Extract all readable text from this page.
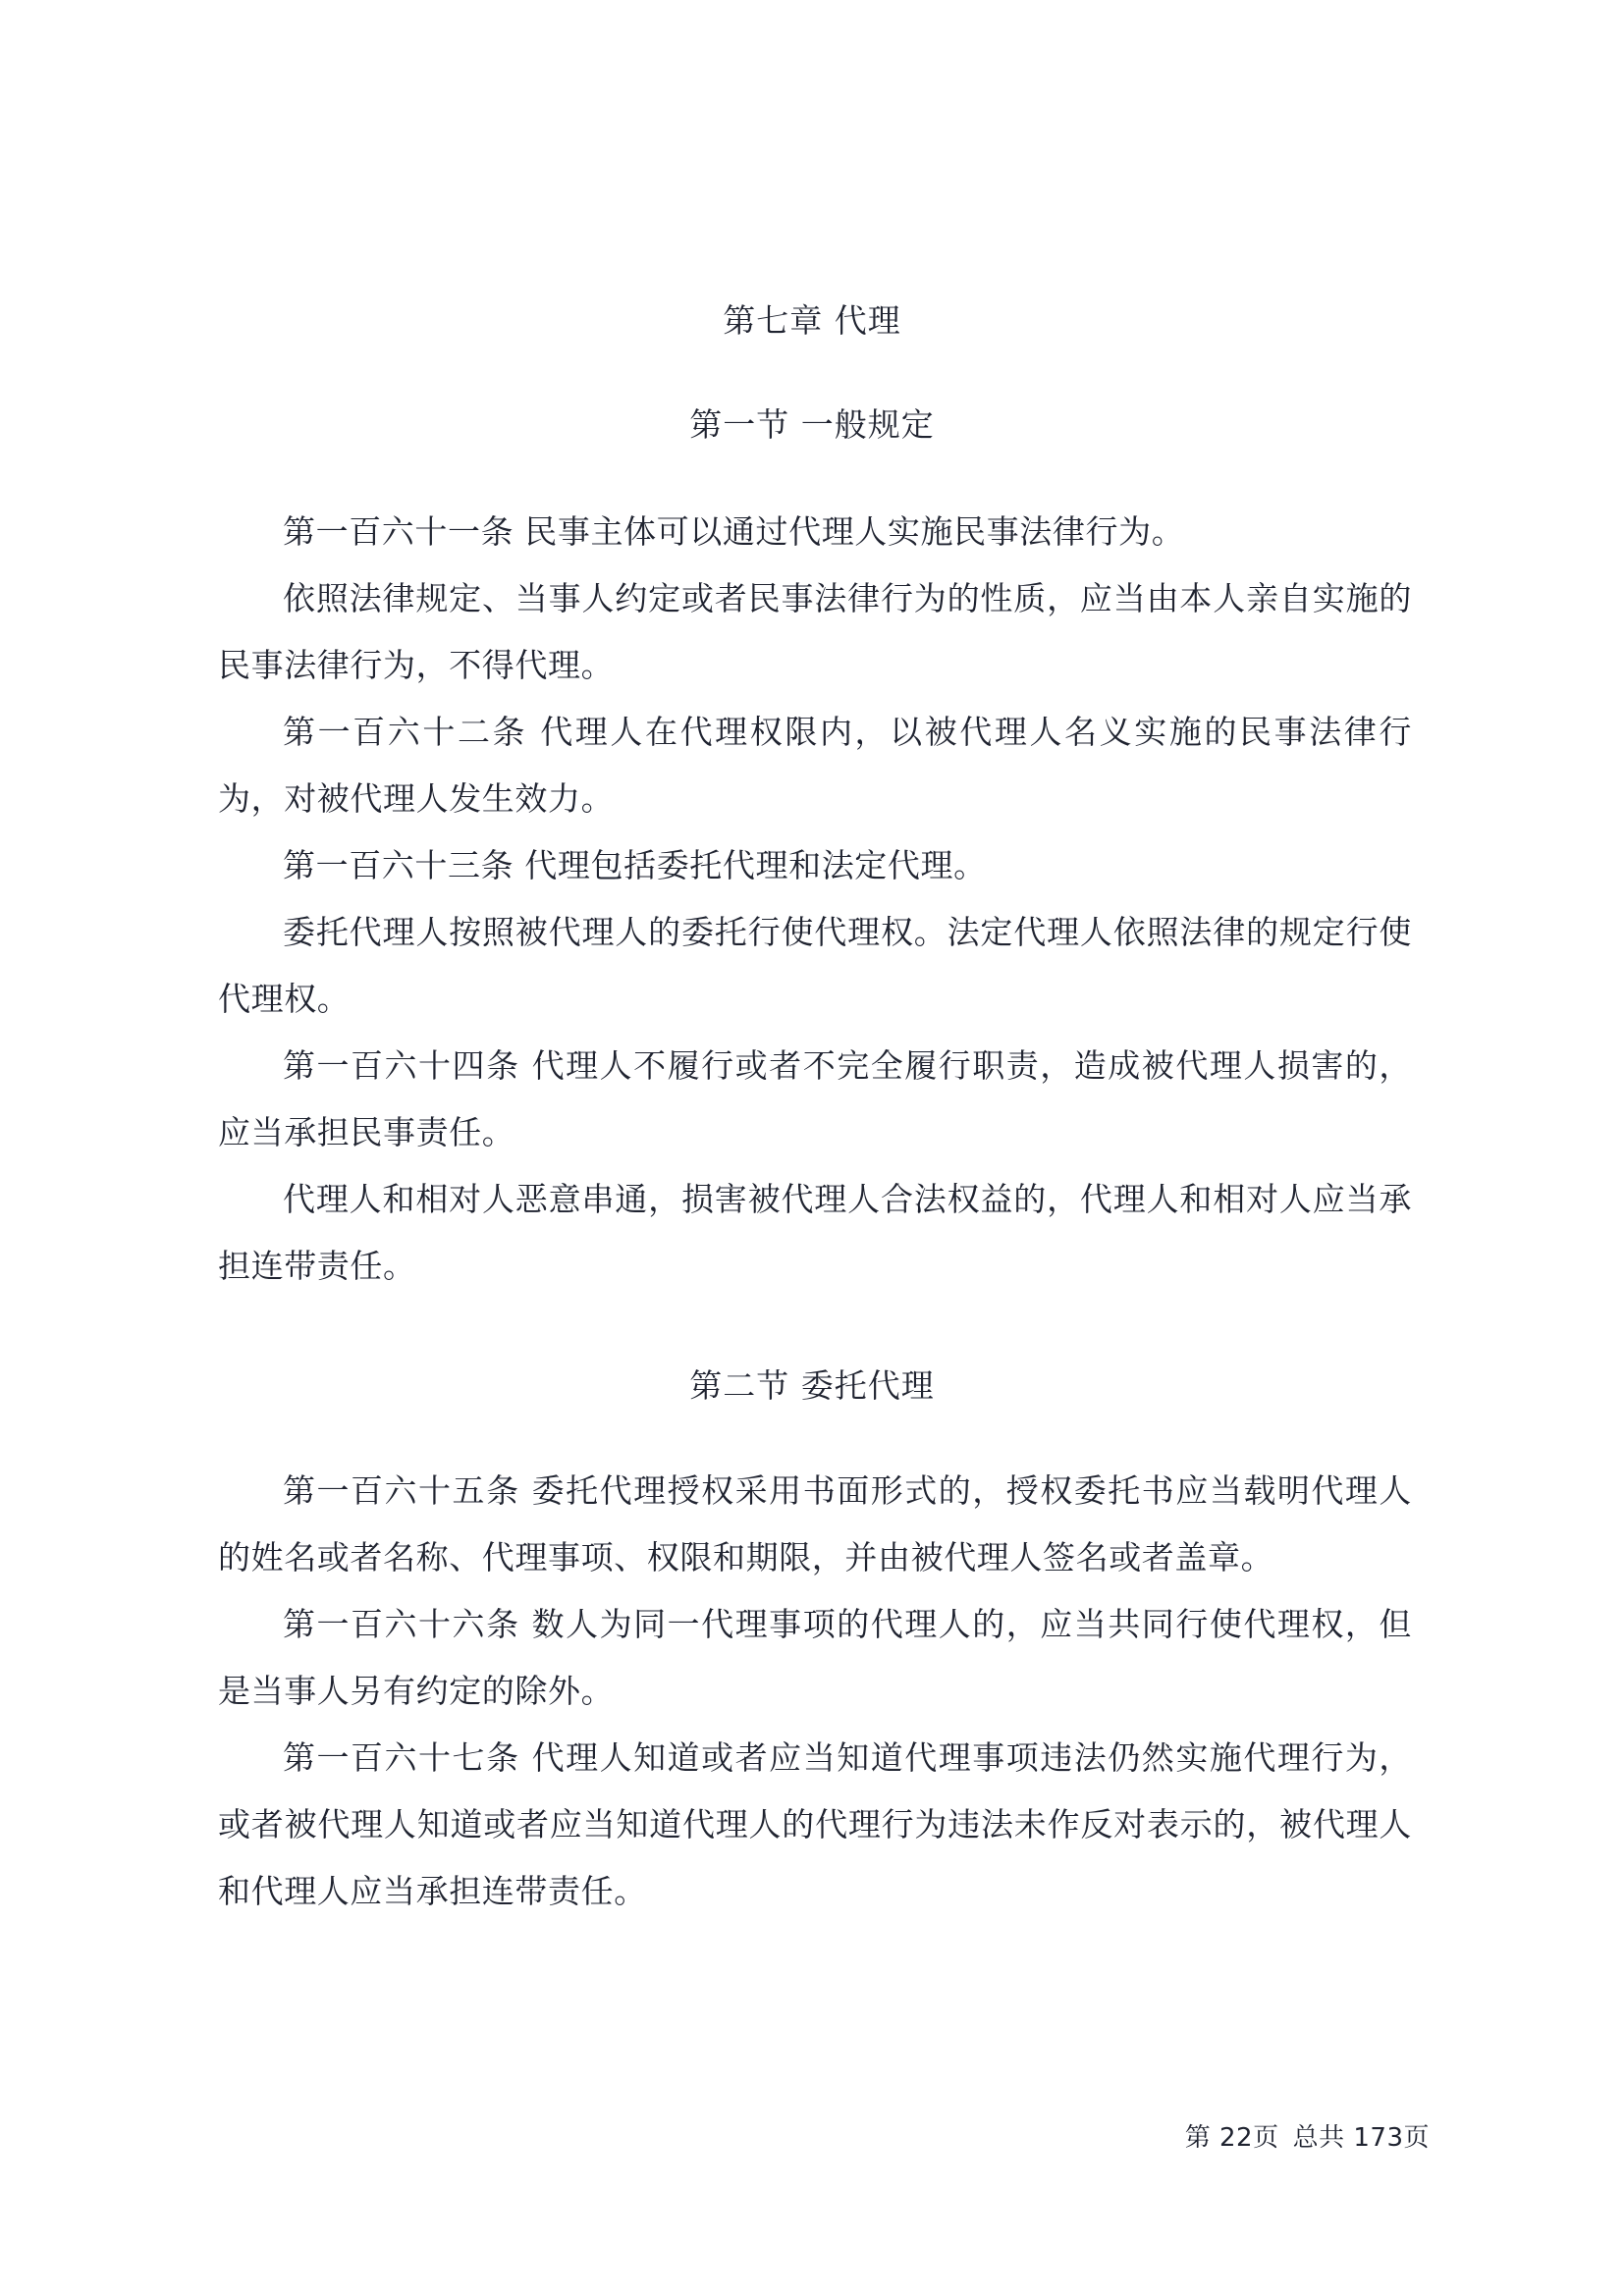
第七章 代理
第一节 一般规定

第一百六十一条 民事主体可以通过代理人实施民事法律行为。

依照法律规定、当事人约定或者民事法律行为的性质，应当由本人亲自实施的民事法律行为，不得代理。

第一百六十二条 代理人在代理权限内，以被代理人名义实施的民事法律行为，对被代理人发生效力。

第一百六十三条 代理包括委托代理和法定代理。

委托代理人按照被代理人的委托行使代理权。法定代理人依照法律的规定行使代理权。

第一百六十四条 代理人不履行或者不完全履行职责，造成被代理人损害的，应当承担民事责任。

代理人和相对人恶意串通，损害被代理人合法权益的，代理人和相对人应当承担连带责任。

第二节 委托代理

第一百六十五条 委托代理授权采用书面形式的，授权委托书应当载明代理人的姓名或者名称、代理事项、权限和期限，并由被代理人签名或者盖章。

第一百六十六条 数人为同一代理事项的代理人的，应当共同行使代理权，但是当事人另有约定的除外。

第一百六十七条 代理人知道或者应当知道代理事项违法仍然实施代理行为，或者被代理人知道或者应当知道代理人的代理行为违法未作反对表示的，被代理人和代理人应当承担连带责任。

第 22页 总共 173页
